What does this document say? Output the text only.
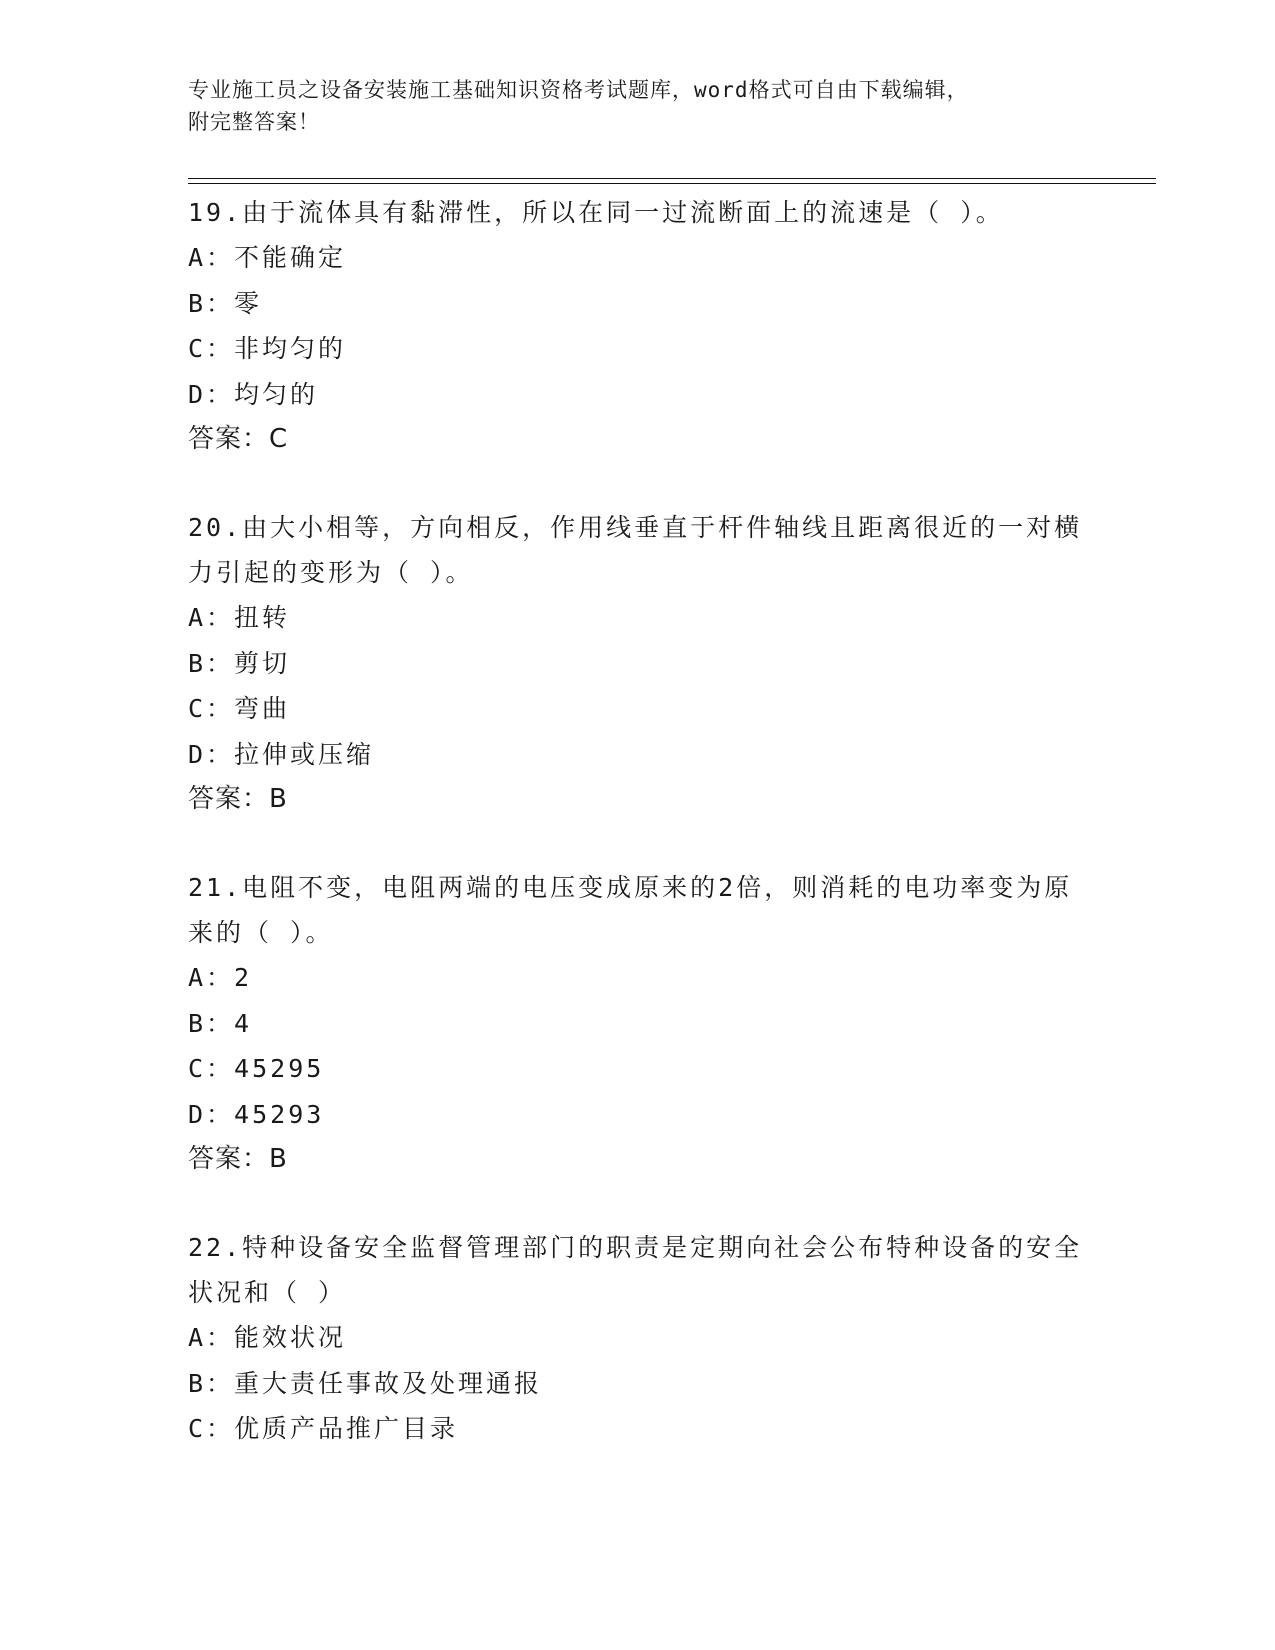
专业施工员之设备安装施工基础知识资格考试题库，word格式可自由下载编辑，
附完整答案！
19.由于流体具有黏滞性，所以在同一过流断面上的流速是（ ）。
A：不能确定
B：零
C：非均匀的
D：均匀的
答案：C
20.由大小相等，方向相反，作用线垂直于杆件轴线且距离很近的一对横力引起的变形为（ ）。
A：扭转
B：剪切
C：弯曲
D：拉伸或压缩
答案：B
21.电阻不变，电阻两端的电压变成原来的2倍，则消耗的电功率变为原来的（ ）。
A：2
B：4
C：45295
D：45293
答案：B
22.特种设备安全监督管理部门的职责是定期向社会公布特种设备的安全状况和（ ）
A：能效状况
B：重大责任事故及处理通报
C：优质产品推广目录
